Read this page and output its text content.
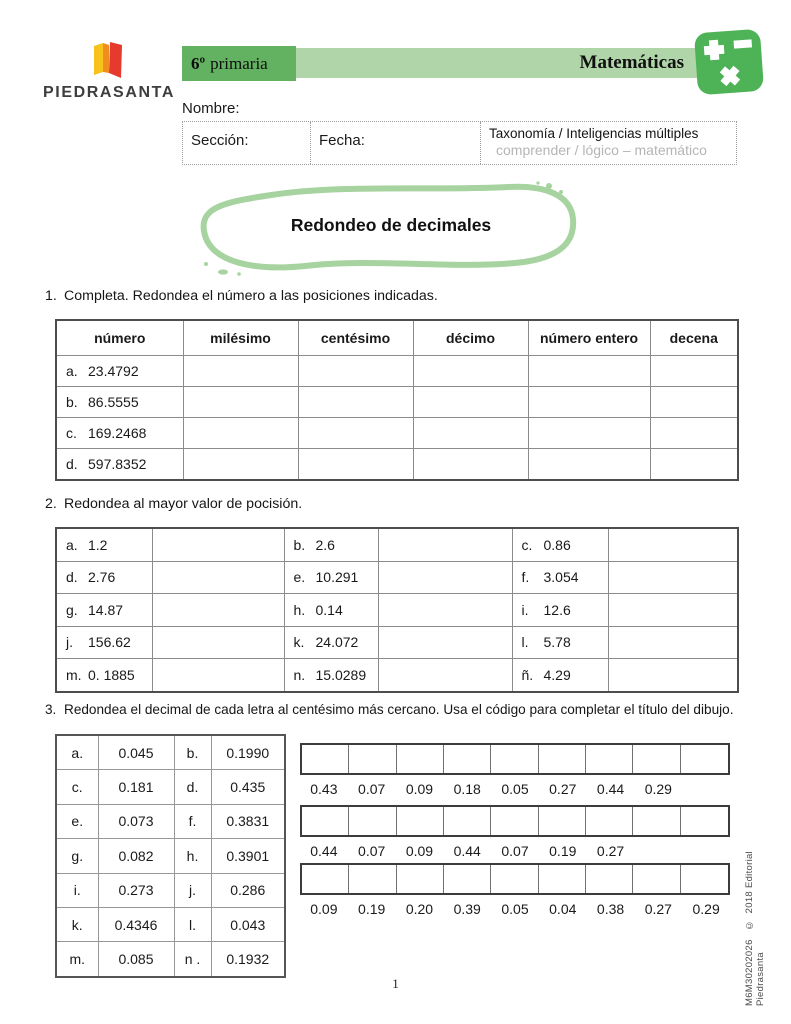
PIEDRASANTA
Matemáticas
6º primaria
Nombre:
Sección:	Fecha:	Taxonomía / Inteligencias múltiples
comprender / lógico – matemático
Redondeo de decimales
1. Completa. Redondea el número a las posiciones indicadas.
número	milésimo	centésimo	décimo	número entero	decena
a. 23.4792					
b. 86.5555					
c. 169.2468					
d. 597.8352					
2. Redondea al mayor valor de pocisión.
a. 1.2		b. 2.6		c. 0.86	
d. 2.76		e. 10.291		f. 3.054	
g. 14.87		h. 0.14		i. 12.6	
j. 156.62		k. 24.072		l. 5.78	
m. 0. 1885		n. 15.0289		ñ. 4.29	
3. Redondea el decimal de cada letra al centésimo más cercano. Usa el código para completar el título del dibujo.
a.	0.045	b.	0.1990
c.	0.181	d.	0.435
e.	0.073	f.	0.3831
g.	0.082	h.	0.3901
i.	0.273	j.	0.286
k.	0.4346	l.	0.043
m.	0.085	n .	0.1932
0.43	0.07	0.09	0.18	0.05	0.27	0.44	0.29
0.44	0.07	0.09	0.44	0.07	0.19	0.27
0.09	0.19	0.20	0.39	0.05	0.04	0.38	0.27	0.29	M6M30202026   ©  2018 Editorial Piedrasanta
1
